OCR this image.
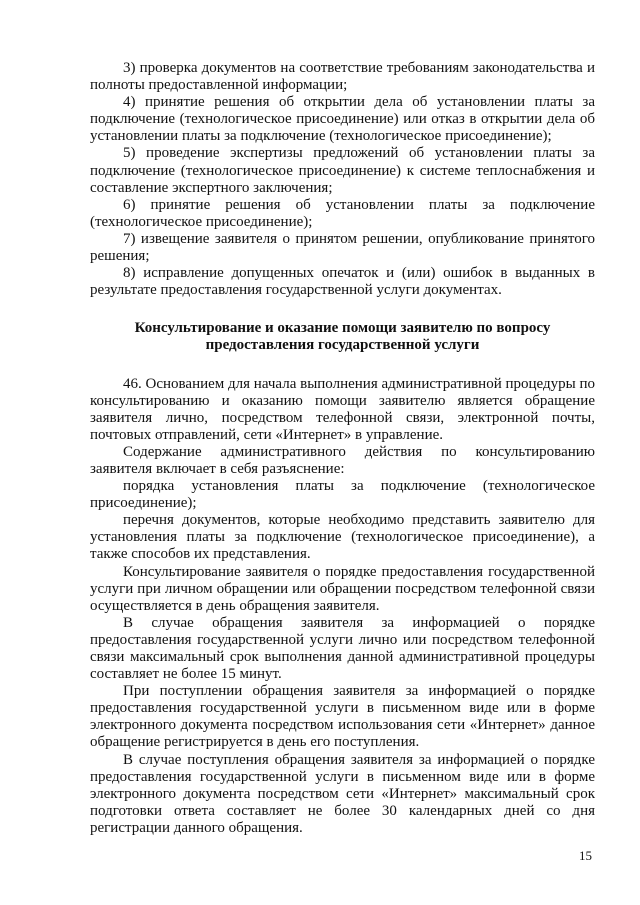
3) проверка документов на соответствие требованиям законодательства и полноты предоставленной информации;

4) принятие решения об открытии дела об установлении платы за подключение (технологическое присоединение) или отказ в открытии дела об установлении платы за подключение (технологическое присоединение);

5) проведение экспертизы предложений об установлении платы за подключение (технологическое присоединение) к системе теплоснабжения и составление экспертного заключения;

6) принятие решения об установлении платы за подключение (технологическое присоединение);

7) извещение заявителя о принятом решении, опубликование принятого решения;

8) исправление допущенных опечаток и (или) ошибок в выданных в результате предоставления государственной услуги документах.

Консультирование и оказание помощи заявителю по вопросу предоставления государственной услуги

46. Основанием для начала выполнения административной процедуры по консультированию и оказанию помощи заявителю является обращение заявителя лично, посредством телефонной связи, электронной почты, почтовых отправлений, сети «Интернет» в управление.

Содержание административного действия по консультированию заявителя включает в себя разъяснение:

порядка установления платы за подключение (технологическое присоединение);

перечня документов, которые необходимо представить заявителю для установления платы за подключение (технологическое присоединение), а также способов их представления.

Консультирование заявителя о порядке предоставления государственной услуги при личном обращении или обращении посредством телефонной связи осуществляется в день обращения заявителя.

В случае обращения заявителя за информацией о порядке предоставления государственной услуги лично или посредством телефонной связи максимальный срок выполнения данной административной процедуры составляет не более 15 минут.

При поступлении обращения заявителя за информацией о порядке предоставления государственной услуги в письменном виде или в форме электронного документа посредством использования сети «Интернет» данное обращение регистрируется в день его поступления.

В случае поступления обращения заявителя за информацией о порядке предоставления государственной услуги в письменном виде или в форме электронного документа посредством сети «Интернет» максимальный срок подготовки ответа составляет не более 30 календарных дней со дня регистрации данного обращения.

15
